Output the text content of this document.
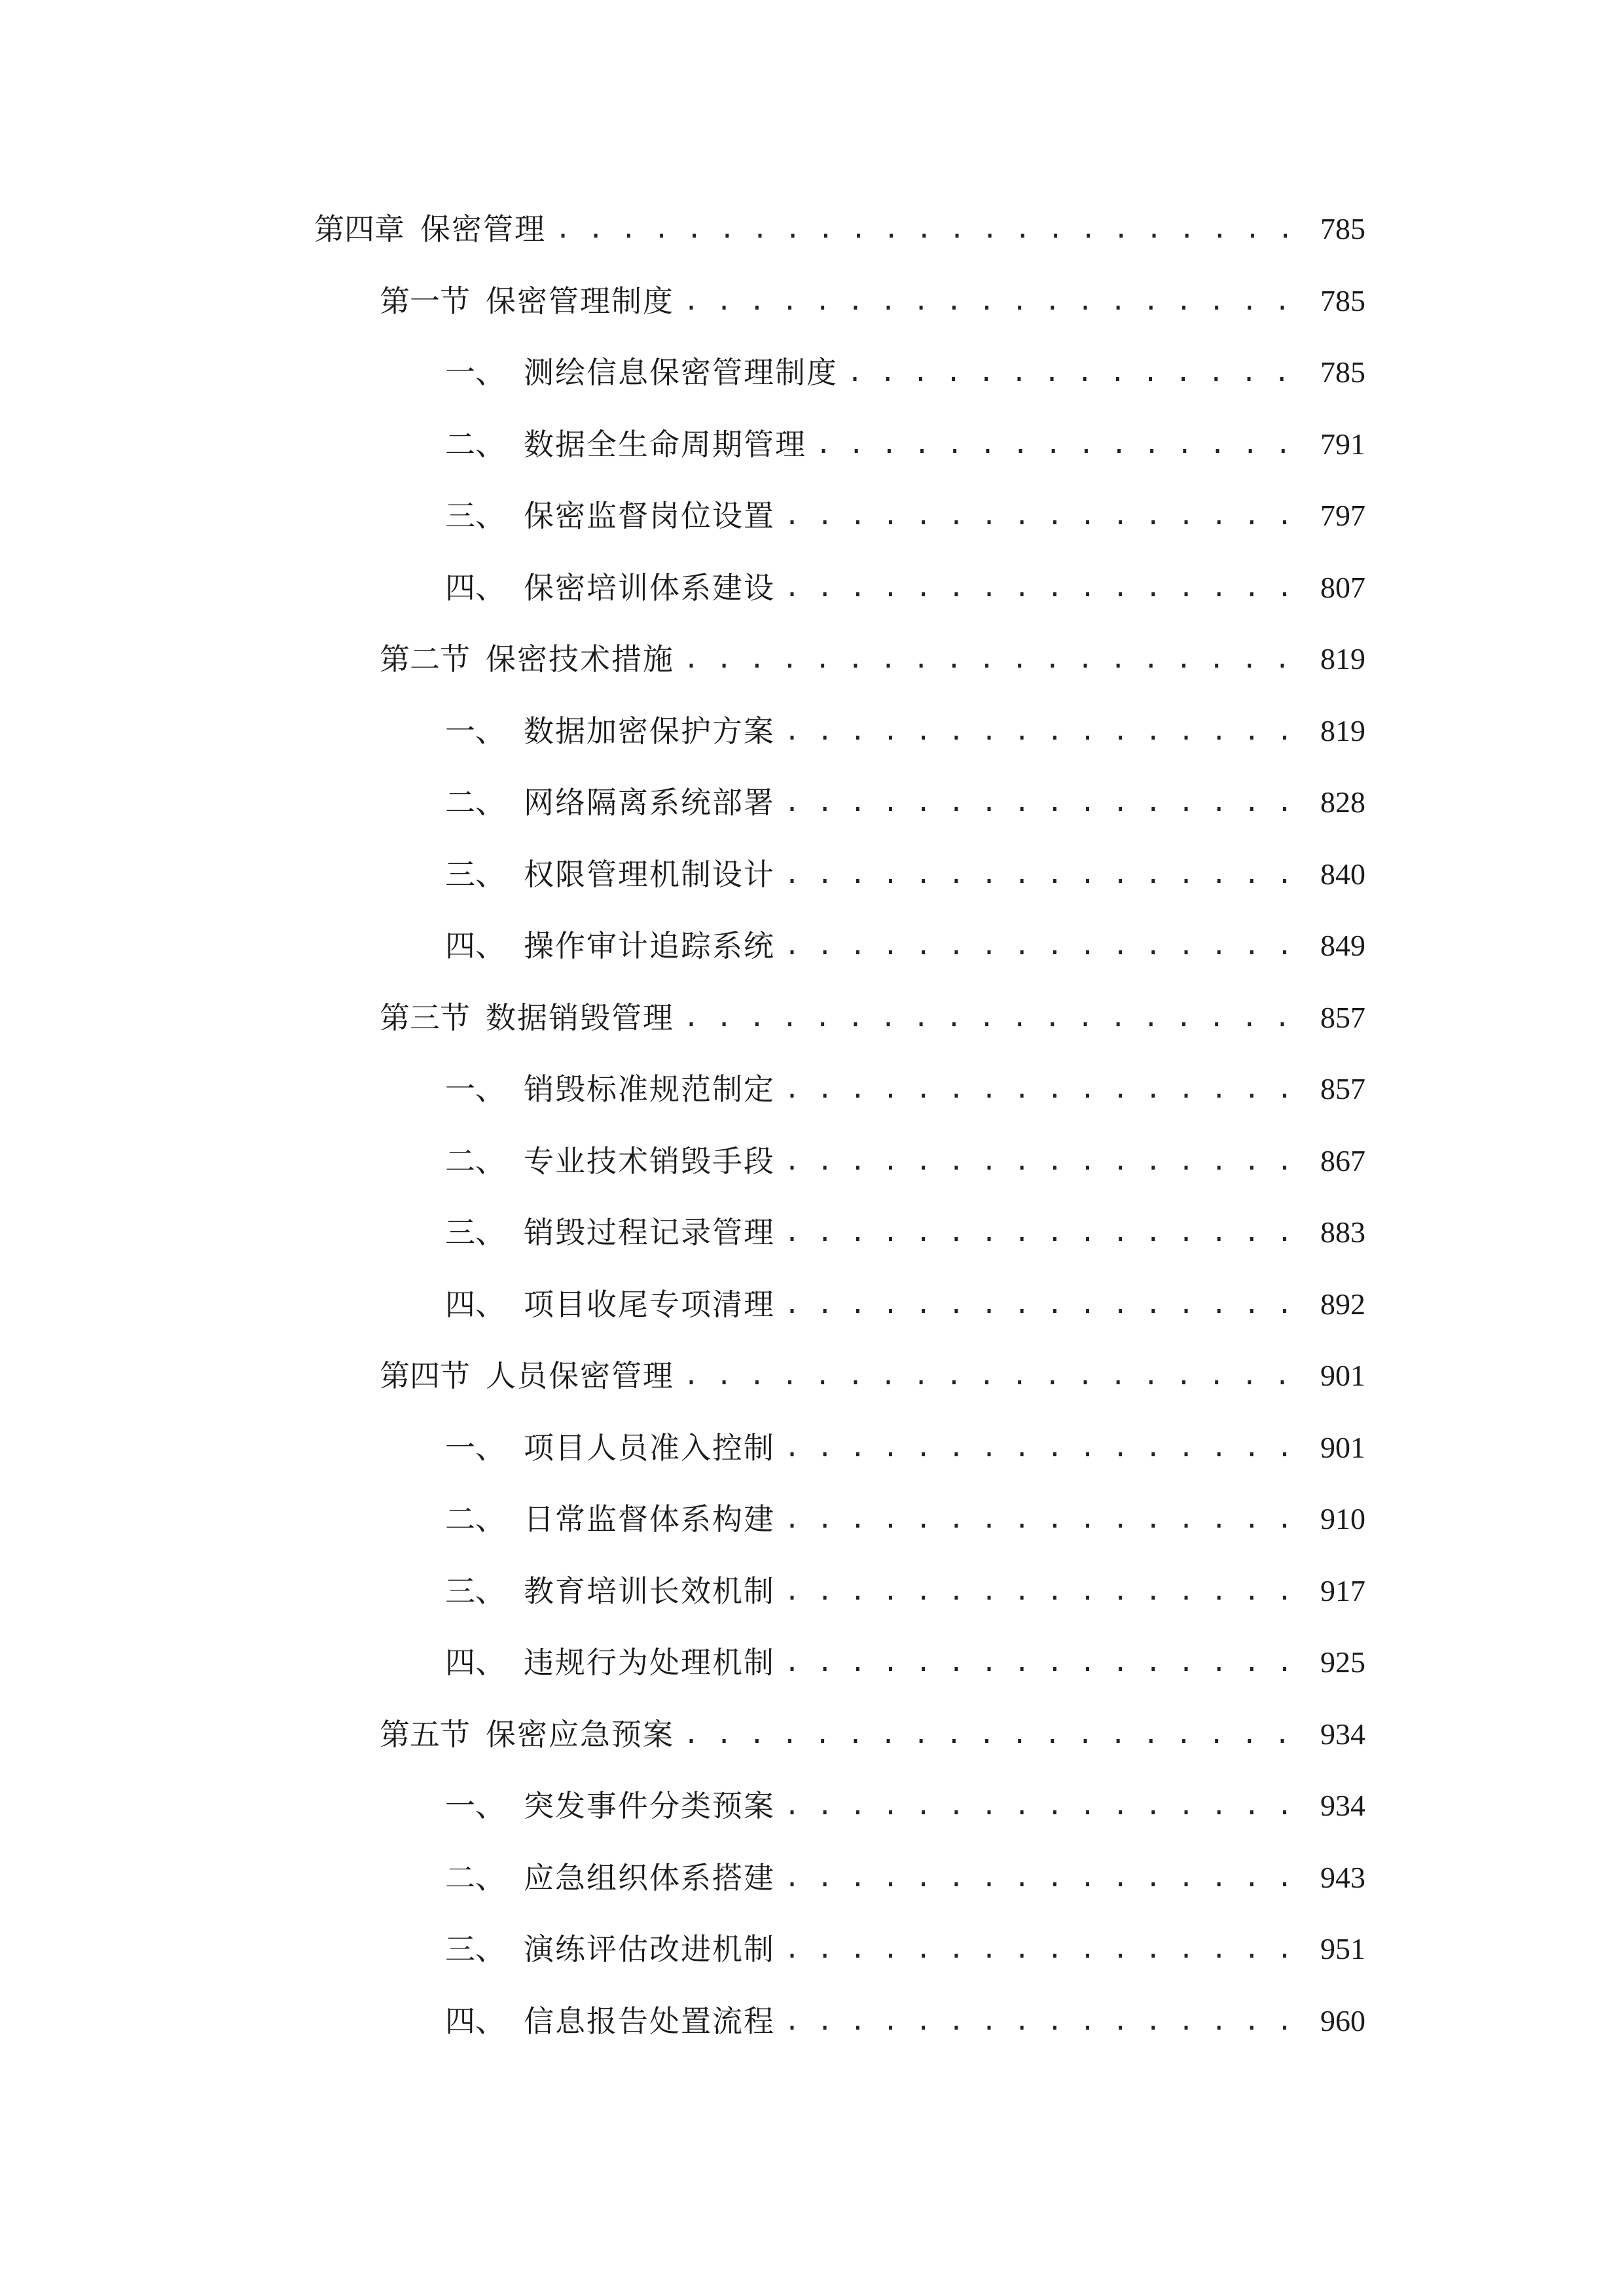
第四章 保密管理 . . .	785
第一节 保密管理制度 . . .	785
一、 测绘信息保密管理制度 . . .	785
二、 数据全生命周期管理 . . .	791
三、 保密监督岗位设置 . . .	797
四、 保密培训体系建设 . . .	807
第二节 保密技术措施 . . .	819
一、 数据加密保护方案 . . .	819
二、 网络隔离系统部署 . . .	828
三、 权限管理机制设计 . . .	840
四、 操作审计追踪系统 . . .	849
第三节 数据销毁管理 . . .	857
一、 销毁标准规范制定 . . .	857
二、 专业技术销毁手段 . . .	867
三、 销毁过程记录管理 . . .	883
四、 项目收尾专项清理 . . .	892
第四节 人员保密管理 . . .	901
一、 项目人员准入控制 . . .	901
二、 日常监督体系构建 . . .	910
三、 教育培训长效机制 . . .	917
四、 违规行为处理机制 . . .	925
第五节 保密应急预案 . . .	934
一、 突发事件分类预案 . . .	934
二、 应急组织体系搭建 . . .	943
三、 演练评估改进机制 . . .	951
四、 信息报告处置流程 . . .	960
